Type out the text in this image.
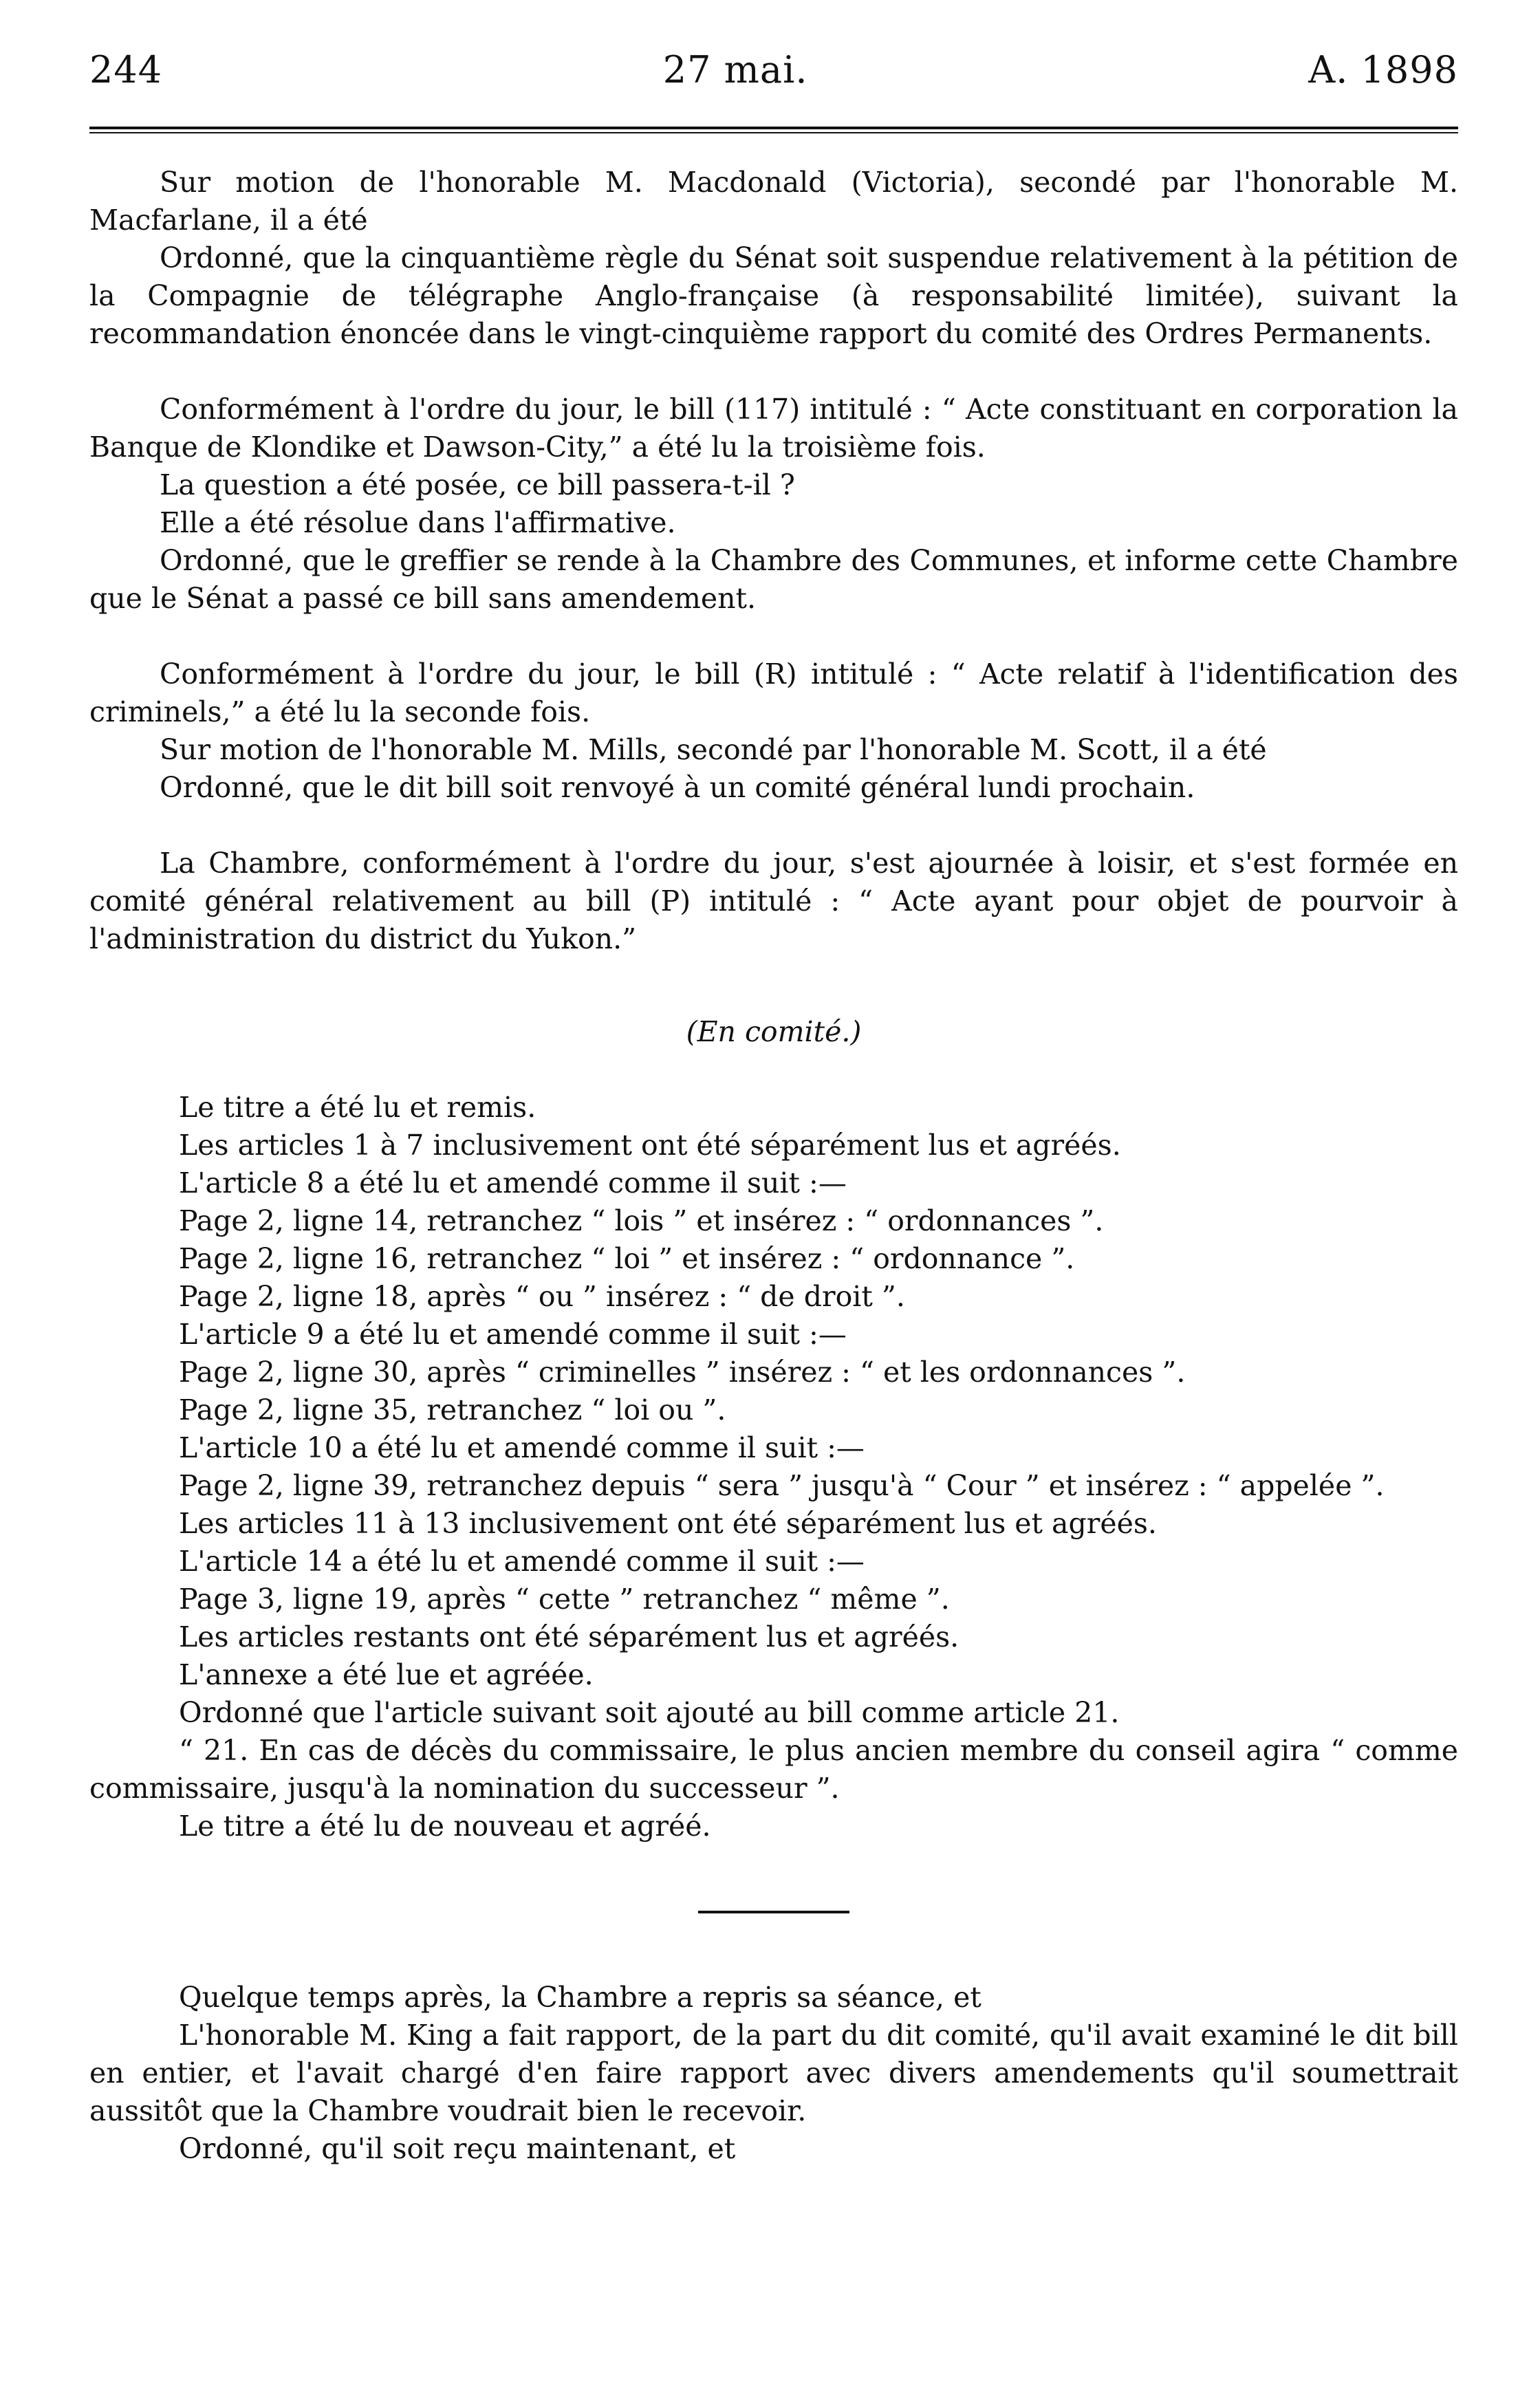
244	27 mai.	A. 1898

Sur motion de l'honorable M. Macdonald (Victoria), secondé par l'honorable M. Macfarlane, il a été

Ordonné, que la cinquantième règle du Sénat soit suspendue relativement à la pétition de la Compagnie de télégraphe Anglo-française (à responsabilité limitée), suivant la recommandation énoncée dans le vingt-cinquième rapport du comité des Ordres Permanents.

Conformément à l'ordre du jour, le bill (117) intitulé : “ Acte constituant en corporation la Banque de Klondike et Dawson-City,” a été lu la troisième fois.

La question a été posée, ce bill passera-t-il ?

Elle a été résolue dans l'affirmative.

Ordonné, que le greffier se rende à la Chambre des Communes, et informe cette Chambre que le Sénat a passé ce bill sans amendement.

Conformément à l'ordre du jour, le bill (R) intitulé : “ Acte relatif à l'identification des criminels,” a été lu la seconde fois.

Sur motion de l'honorable M. Mills, secondé par l'honorable M. Scott, il a été

Ordonné, que le dit bill soit renvoyé à un comité général lundi prochain.

La Chambre, conformément à l'ordre du jour, s'est ajournée à loisir, et s'est formée en comité général relativement au bill (P) intitulé : “ Acte ayant pour objet de pourvoir à l'administration du district du Yukon.”

(En comité.)

Le titre a été lu et remis.

Les articles 1 à 7 inclusivement ont été séparément lus et agréés.

L'article 8 a été lu et amendé comme il suit :—

Page 2, ligne 14, retranchez “ lois ” et insérez : “ ordonnances ”.

Page 2, ligne 16, retranchez “ loi ” et insérez : “ ordonnance ”.

Page 2, ligne 18, après “ ou ” insérez : “ de droit ”.

L'article 9 a été lu et amendé comme il suit :—

Page 2, ligne 30, après “ criminelles ” insérez : “ et les ordonnances ”.

Page 2, ligne 35, retranchez “ loi ou ”.

L'article 10 a été lu et amendé comme il suit :—

Page 2, ligne 39, retranchez depuis “ sera ” jusqu'à “ Cour ” et insérez : “ appelée ”.

Les articles 11 à 13 inclusivement ont été séparément lus et agréés.

L'article 14 a été lu et amendé comme il suit :—

Page 3, ligne 19, après “ cette ” retranchez “ même ”.

Les articles restants ont été séparément lus et agréés.

L'annexe a été lue et agréée.

Ordonné que l'article suivant soit ajouté au bill comme article 21.

“ 21. En cas de décès du commissaire, le plus ancien membre du conseil agira “ comme commissaire, jusqu'à la nomination du successeur ”.

Le titre a été lu de nouveau et agréé.

Quelque temps après, la Chambre a repris sa séance, et

L'honorable M. King a fait rapport, de la part du dit comité, qu'il avait examiné le dit bill en entier, et l'avait chargé d'en faire rapport avec divers amendements qu'il soumettrait aussitôt que la Chambre voudrait bien le recevoir.

Ordonné, qu'il soit reçu maintenant, et
